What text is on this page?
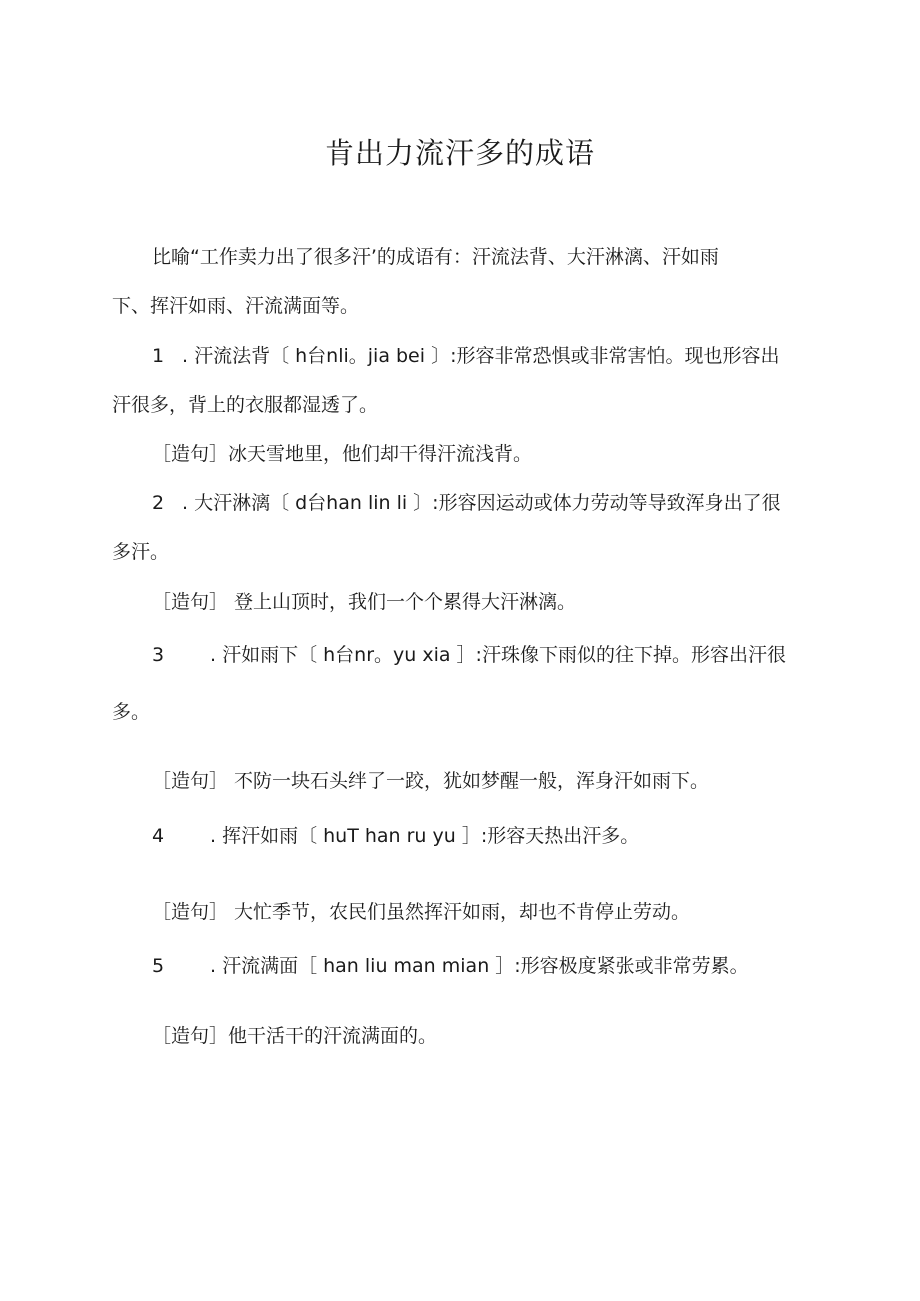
肯出力流汗多的成语

比喻“工作卖力出了很多汗’的成语有：汗流法背、大汗淋漓、汗如雨

下、挥汗如雨、汗流满面等。

1 . 汗流法背〔 h台nli。jia bei 〕:形容非常恐惧或非常害怕。现也形容出

汗很多，背上的衣服都湿透了。

［造句］冰天雪地里，他们却干得汗流浅背。

2 . 大汗淋漓〔 d台han lin li 〕:形容因运动或体力劳动等导致浑身出了很

多汗。

［造句］ 登上山顶时，我们一个个累得大汗淋漓。

3 . 汗如雨下〔 h台nr。yu xia ］:汗珠像下雨似的往下掉。形容出汗很

多。

［造句］ 不防一块石头绊了一跤，犹如梦醒一般，浑身汗如雨下。

4 . 挥汗如雨〔 huT han ru yu ］:形容天热出汗多。

［造句］ 大忙季节，农民们虽然挥汗如雨，却也不肯停止劳动。

5 . 汗流满面［ han liu man mian ］:形容极度紧张或非常劳累。

［造句］他干活干的汗流满面的。
